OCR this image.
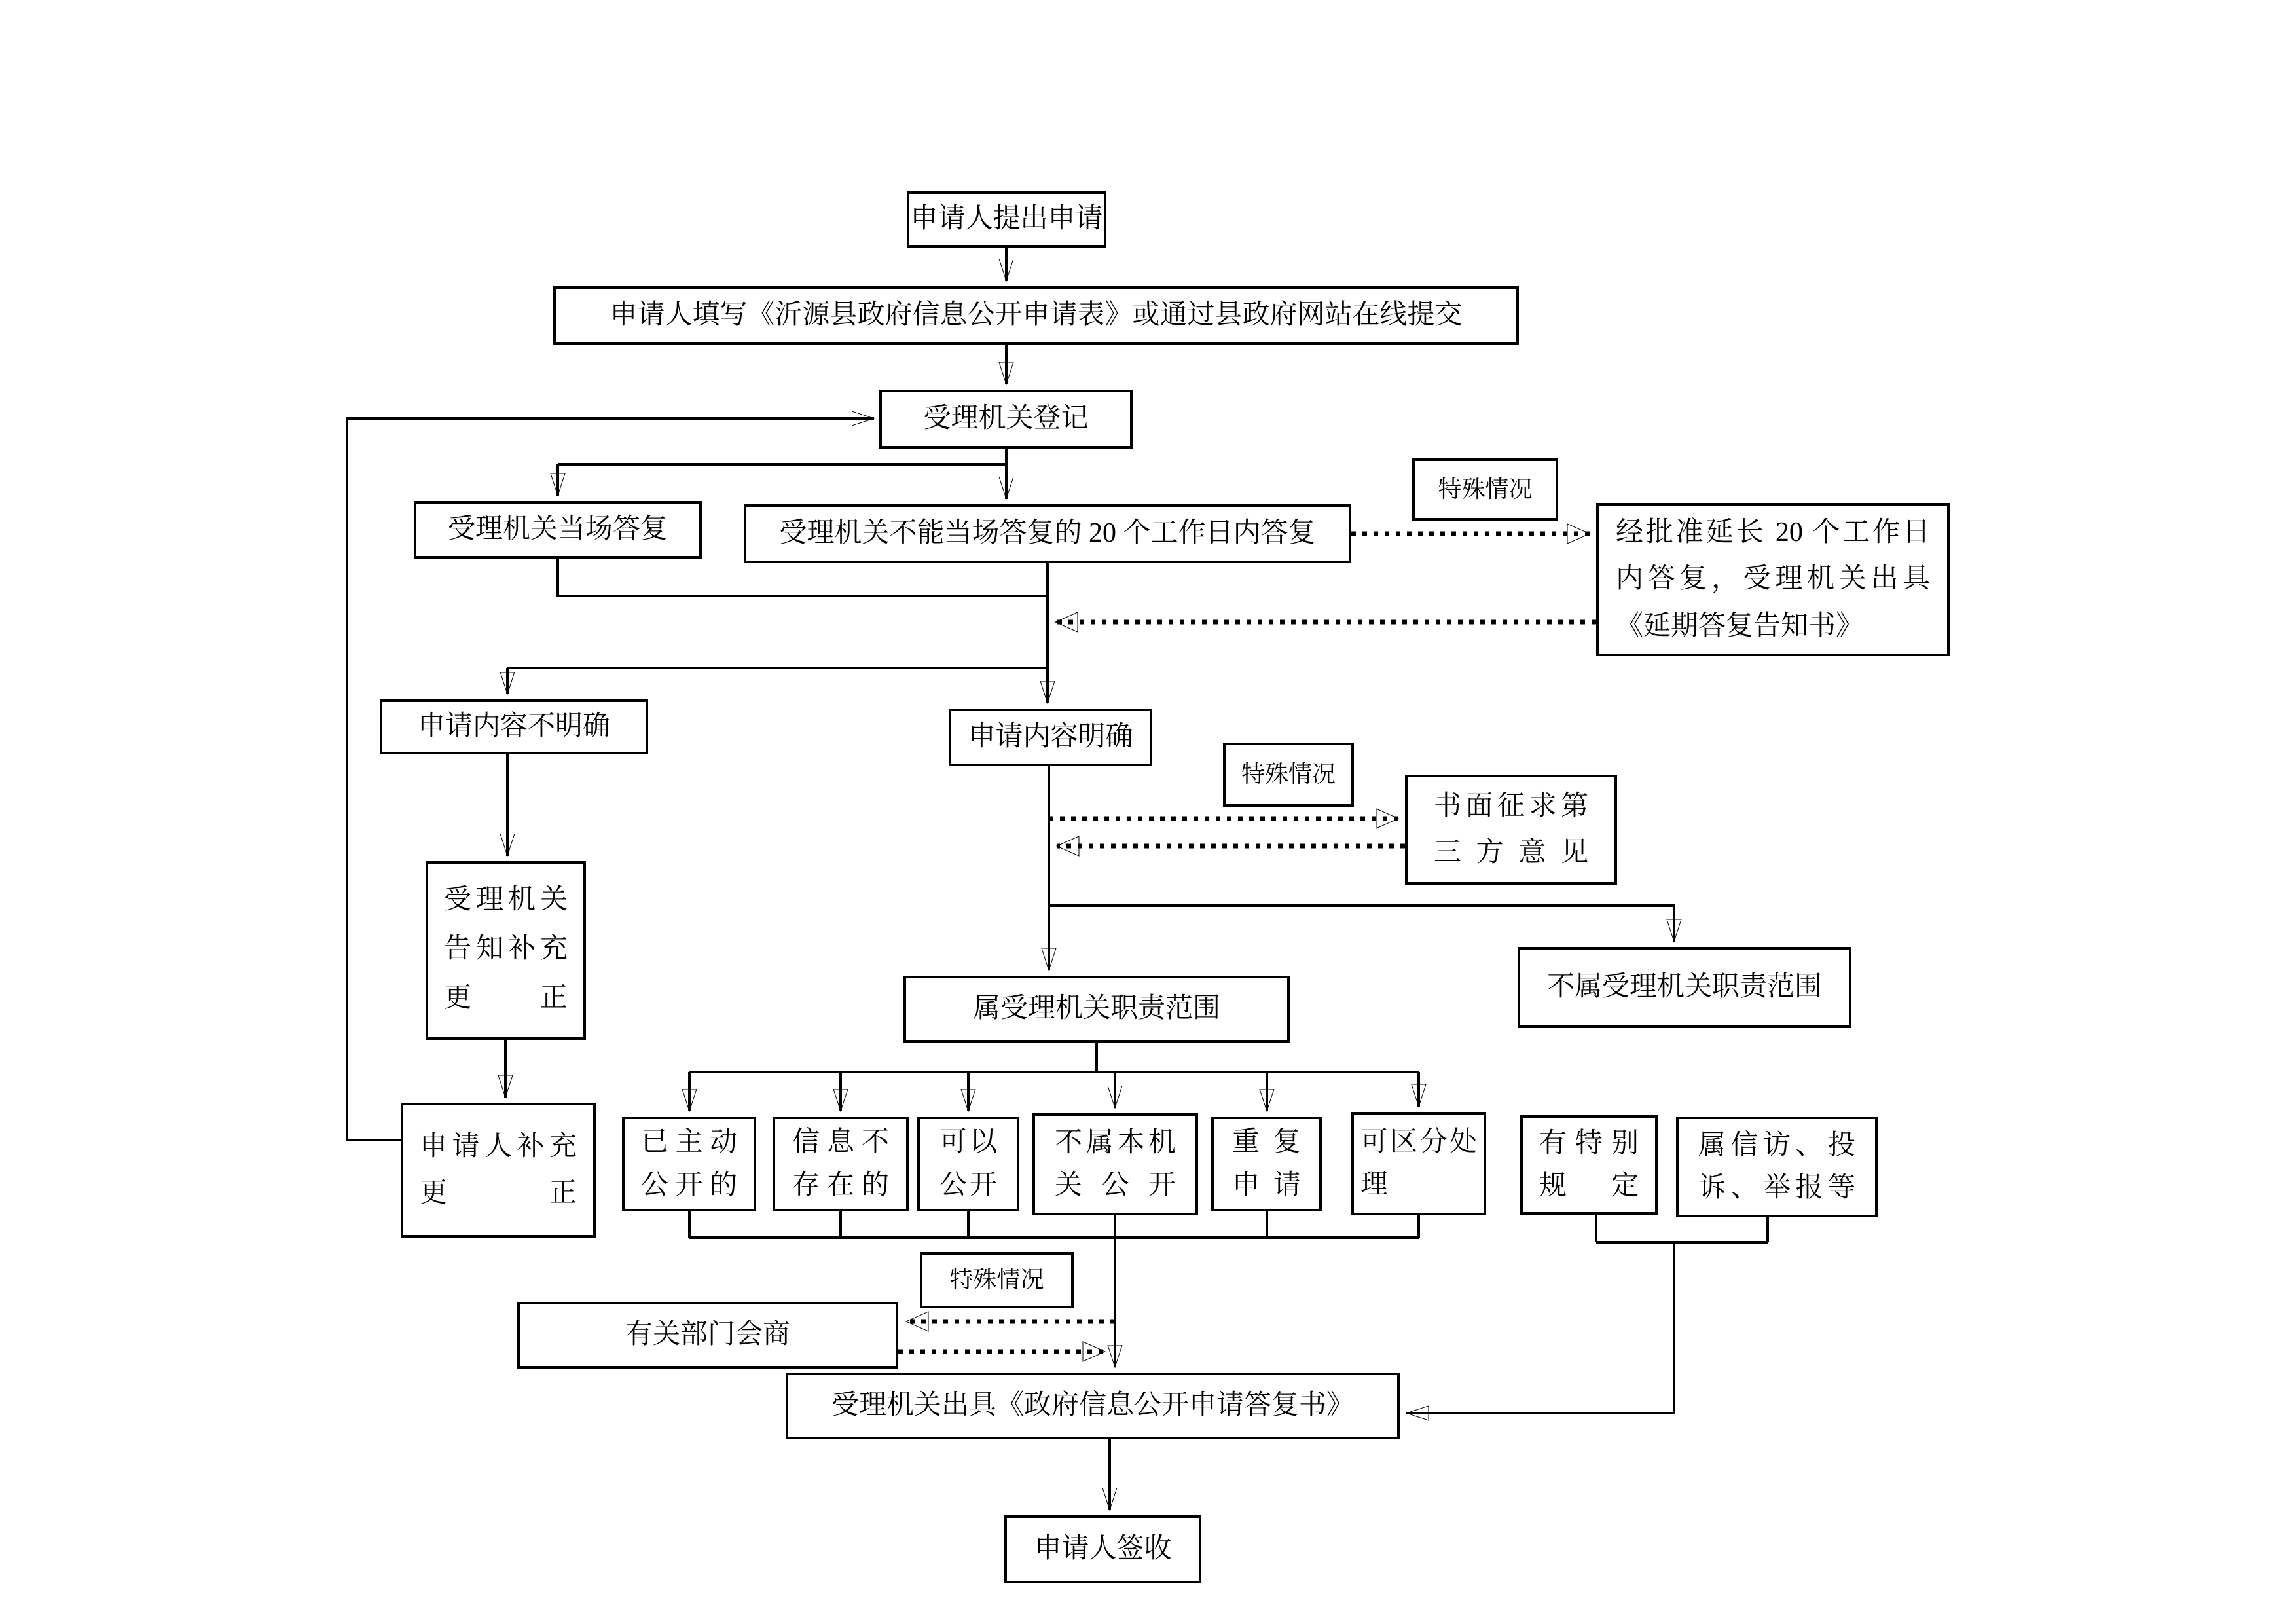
申请人提出申请
申请人填写《沂源县政府信息公开申请表》或通过县政府网站在线提交
受理机关登记
受理机关当场答复	受理机关不能当场答复的 20 个工作日内答复
特殊情况
经批准延长 20 个工作日内答复，受理机关出具《延期答复告知书》
申请内容不明确	申请内容明确
特殊情况
书面征求第三方意见
受理机关告知补充更正
申请人补充更正
属受理机关职责范围
不属受理机关职责范围
已主动公开的
信息不存在的
可以公开
不属本机关公开
重复申请
可区分处理
有特别规定
属信访、投诉、举报等
特殊情况
有关部门会商
受理机关出具《政府信息公开申请答复书》
申请人签收
